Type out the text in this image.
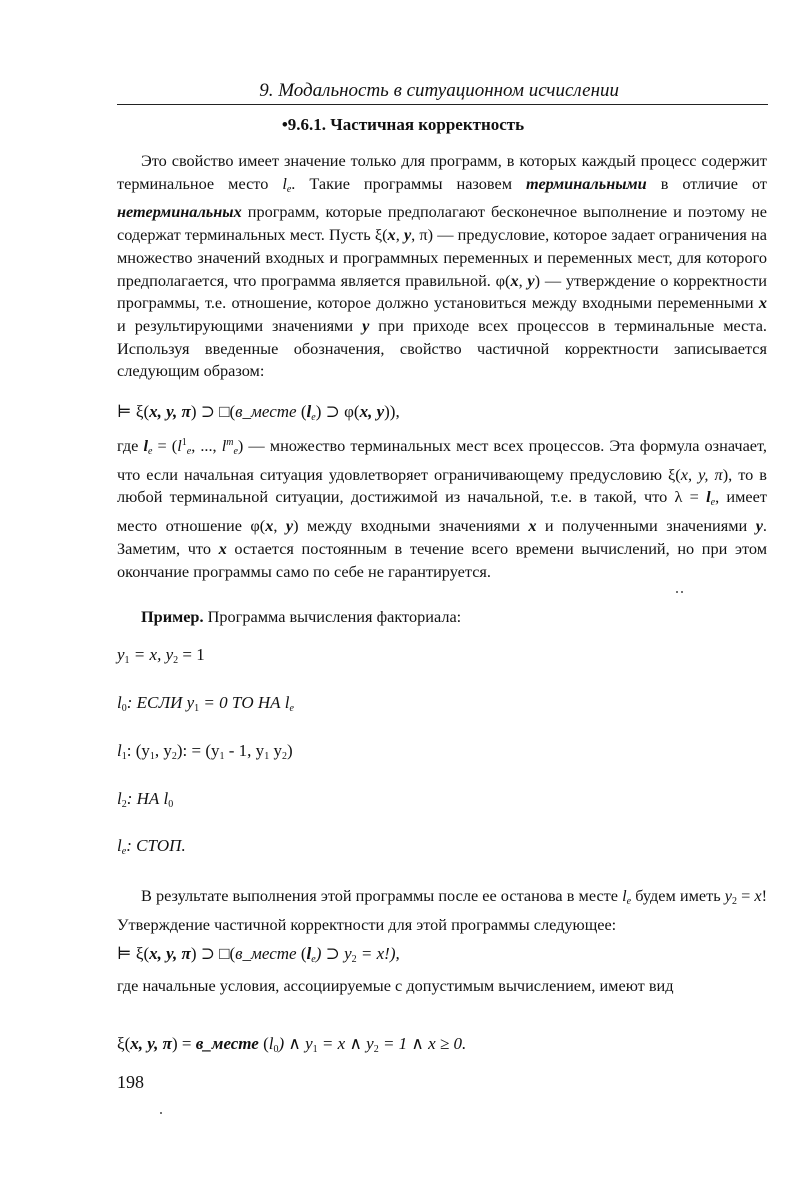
9. Модальность в ситуационном исчислении
•9.6.1. Частичная корректность
Это свойство имеет значение только для программ, в которых каждый процесс содержит терминальное место $l_e$. Такие программы назовем терминальными в отличие от нетерминальных программ, которые предполагают бесконечное выполнение и поэтому не содержат терминальных мест. Пусть ξ(x, y, π) — предусловие, которое задает ограничения на множество значений входных и программных переменных и переменных мест, для которого предполагается, что программа является правильной. φ(x, y) — утверждение о корректности программы, т.е. отношение, которое должно установиться между входными переменными x и результирующими значениями y при приходе всех процессов в терминальные места. Используя введенные обозначения, свойство частичной корректности записывается следующим образом:
⊨ ξ(x, y, π) ⊃ □(в_месте $(l_e)$ ⊃ φ(x, y)),
где $l_e = (l^1_e$, ..., $l^m_e$) — множество терминальных мест всех процессов. Эта формула означает, что если начальная ситуация удовлетворяет ограничивающему предусловию ξ(x, y, π), то в любой терминальной ситуации, достижимой из начальной, т.е. в такой, что $\lambda = l_e$, имеет место отношение φ(x, y) между входными значениями x и полученными значениями y. Заметим, что x остается постоянным в течение всего времени вычислений, но при этом окончание программы само по себе не гарантируется.
Пример. Программа вычисления факториала:
$y_1 = x$, $y_2 = 1$
$l_0$: ЕСЛИ $y_1 = 0$ ТО НА $l_e$
$l_1$: ($y_1$, $y_2$): = ($y_1 - 1$, $y_1$ $y_2$)
$l_2$: НА $l_0$
$l_e$: СТОП.
В результате выполнения этой программы после ее останова в месте $l_e$ будем иметь $y_2 = x$! Утверждение частичной корректности для этой программы следующее:
⊨ ξ(x, y, π) ⊃ □(в_месте $(l_e)$ ⊃ $y_2 = x$!),
где начальные условия, ассоциируемые с допустимым вычислением, имеют вид
ξ(x, y, π) = в_месте $(l_0)$ ∧ $y_1 = x$ ∧ $y_2 = 1$ ∧ x ≥ 0.
198
